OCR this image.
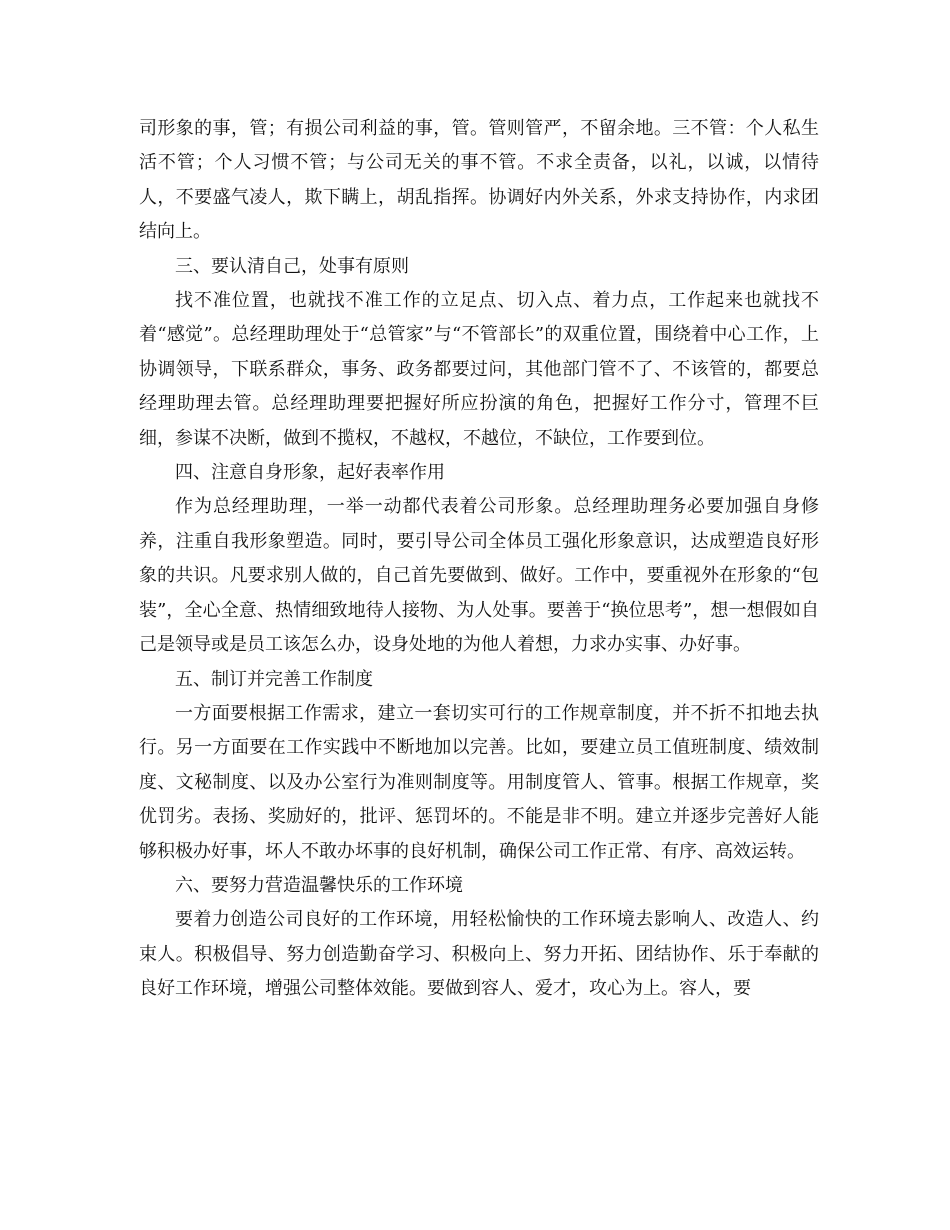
司形象的事，管；有损公司利益的事，管。管则管严，不留余地。三不管：个人私生活不管；个人习惯不管；与公司无关的事不管。不求全责备，以礼，以诚，以情待人，不要盛气凌人，欺下瞒上，胡乱指挥。协调好内外关系，外求支持协作，内求团结向上。

三、要认清自己，处事有原则

找不准位置，也就找不准工作的立足点、切入点、着力点，工作起来也就找不着“感觉”。总经理助理处于“总管家”与“不管部长”的双重位置，围绕着中心工作，上协调领导，下联系群众，事务、政务都要过问，其他部门管不了、不该管的，都要总经理助理去管。总经理助理要把握好所应扮演的角色，把握好工作分寸，管理不巨细，参谋不决断，做到不揽权，不越权，不越位，不缺位，工作要到位。

四、注意自身形象，起好表率作用

作为总经理助理，一举一动都代表着公司形象。总经理助理务必要加强自身修养，注重自我形象塑造。同时，要引导公司全体员工强化形象意识，达成塑造良好形象的共识。凡要求别人做的，自己首先要做到、做好。工作中，要重视外在形象的“包装”，全心全意、热情细致地待人接物、为人处事。要善于“换位思考”，想一想假如自己是领导或是员工该怎么办，设身处地的为他人着想，力求办实事、办好事。

五、制订并完善工作制度

一方面要根据工作需求，建立一套切实可行的工作规章制度，并不折不扣地去执行。另一方面要在工作实践中不断地加以完善。比如，要建立员工值班制度、绩效制度、文秘制度、以及办公室行为准则制度等。用制度管人、管事。根据工作规章，奖优罚劣。表扬、奖励好的，批评、惩罚坏的。不能是非不明。建立并逐步完善好人能够积极办好事，坏人不敢办坏事的良好机制，确保公司工作正常、有序、高效运转。

六、要努力营造温馨快乐的工作环境

要着力创造公司良好的工作环境，用轻松愉快的工作环境去影响人、改造人、约束人。积极倡导、努力创造勤奋学习、积极向上、努力开拓、团结协作、乐于奉献的良好工作环境，增强公司整体效能。要做到容人、爱才，攻心为上。容人，要
